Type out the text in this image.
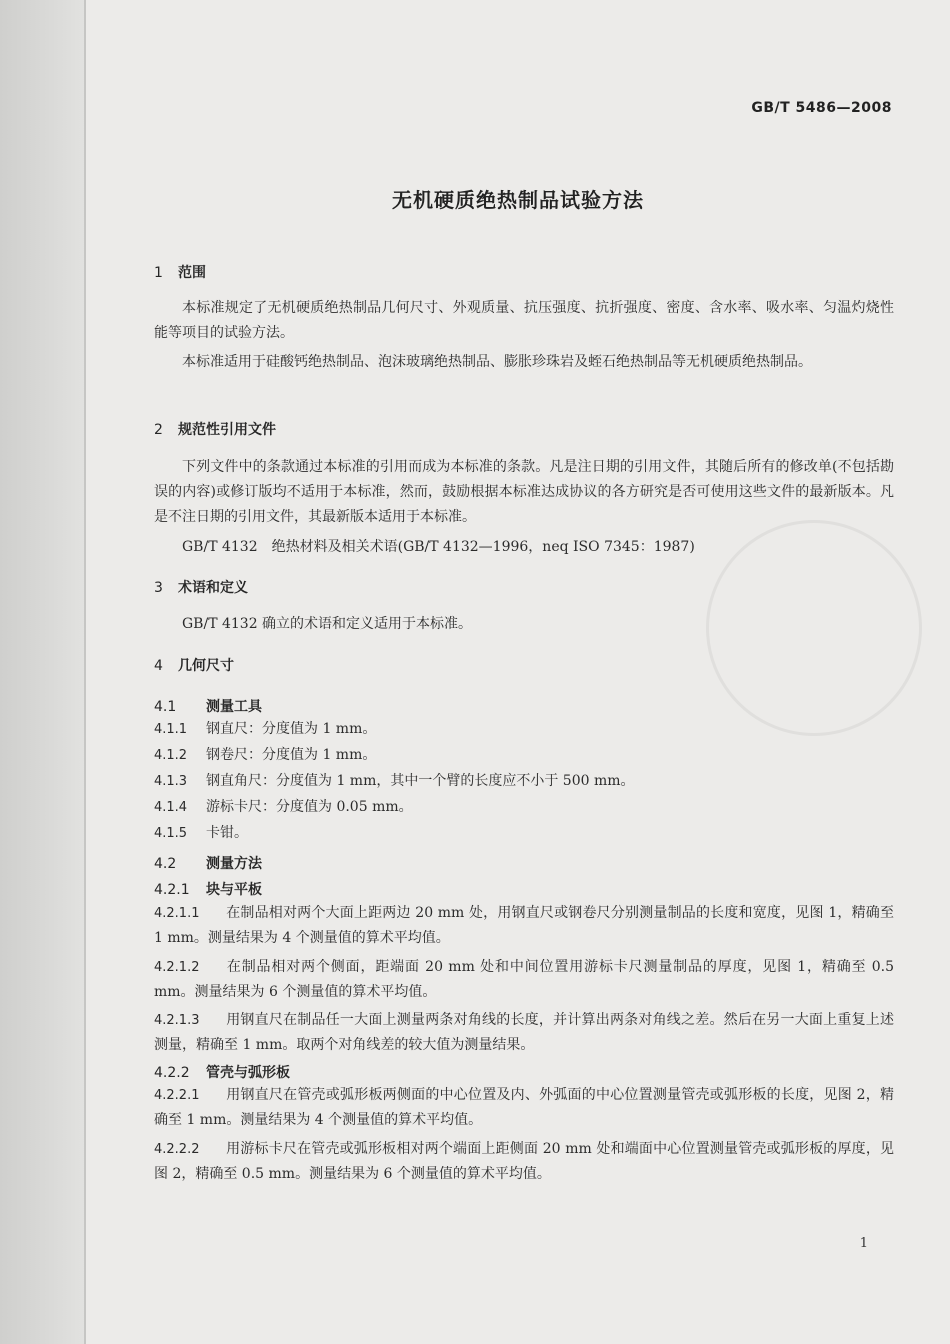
GB/T 5486—2008
无机硬质绝热制品试验方法
1 范围
本标准规定了无机硬质绝热制品几何尺寸、外观质量、抗压强度、抗折强度、密度、含水率、吸水率、匀温灼烧性能等项目的试验方法。
本标准适用于硅酸钙绝热制品、泡沫玻璃绝热制品、膨胀珍珠岩及蛭石绝热制品等无机硬质绝热制品。
2 规范性引用文件
下列文件中的条款通过本标准的引用而成为本标准的条款。凡是注日期的引用文件，其随后所有的修改单(不包括勘误的内容)或修订版均不适用于本标准，然而，鼓励根据本标准达成协议的各方研究是否可使用这些文件的最新版本。凡是不注日期的引用文件，其最新版本适用于本标准。
GB/T 4132　绝热材料及相关术语(GB/T 4132—1996，neq ISO 7345：1987)
3 术语和定义
GB/T 4132 确立的术语和定义适用于本标准。
4 几何尺寸
4.1 测量工具
4.1.1 钢直尺：分度值为 1 mm。
4.1.2 钢卷尺：分度值为 1 mm。
4.1.3 钢直角尺：分度值为 1 mm，其中一个臂的长度应不小于 500 mm。
4.1.4 游标卡尺：分度值为 0.05 mm。
4.1.5 卡钳。
4.2 测量方法
4.2.1 块与平板
4.2.1.1 在制品相对两个大面上距两边 20 mm 处，用钢直尺或钢卷尺分别测量制品的长度和宽度，见图 1，精确至 1 mm。测量结果为 4 个测量值的算术平均值。
4.2.1.2 在制品相对两个侧面，距端面 20 mm 处和中间位置用游标卡尺测量制品的厚度，见图 1，精确至 0.5 mm。测量结果为 6 个测量值的算术平均值。
4.2.1.3 用钢直尺在制品任一大面上测量两条对角线的长度，并计算出两条对角线之差。然后在另一大面上重复上述测量，精确至 1 mm。取两个对角线差的较大值为测量结果。
4.2.2 管壳与弧形板
4.2.2.1 用钢直尺在管壳或弧形板两侧面的中心位置及内、外弧面的中心位置测量管壳或弧形板的长度，见图 2，精确至 1 mm。测量结果为 4 个测量值的算术平均值。
4.2.2.2 用游标卡尺在管壳或弧形板相对两个端面上距侧面 20 mm 处和端面中心位置测量管壳或弧形板的厚度，见图 2，精确至 0.5 mm。测量结果为 6 个测量值的算术平均值。
1
